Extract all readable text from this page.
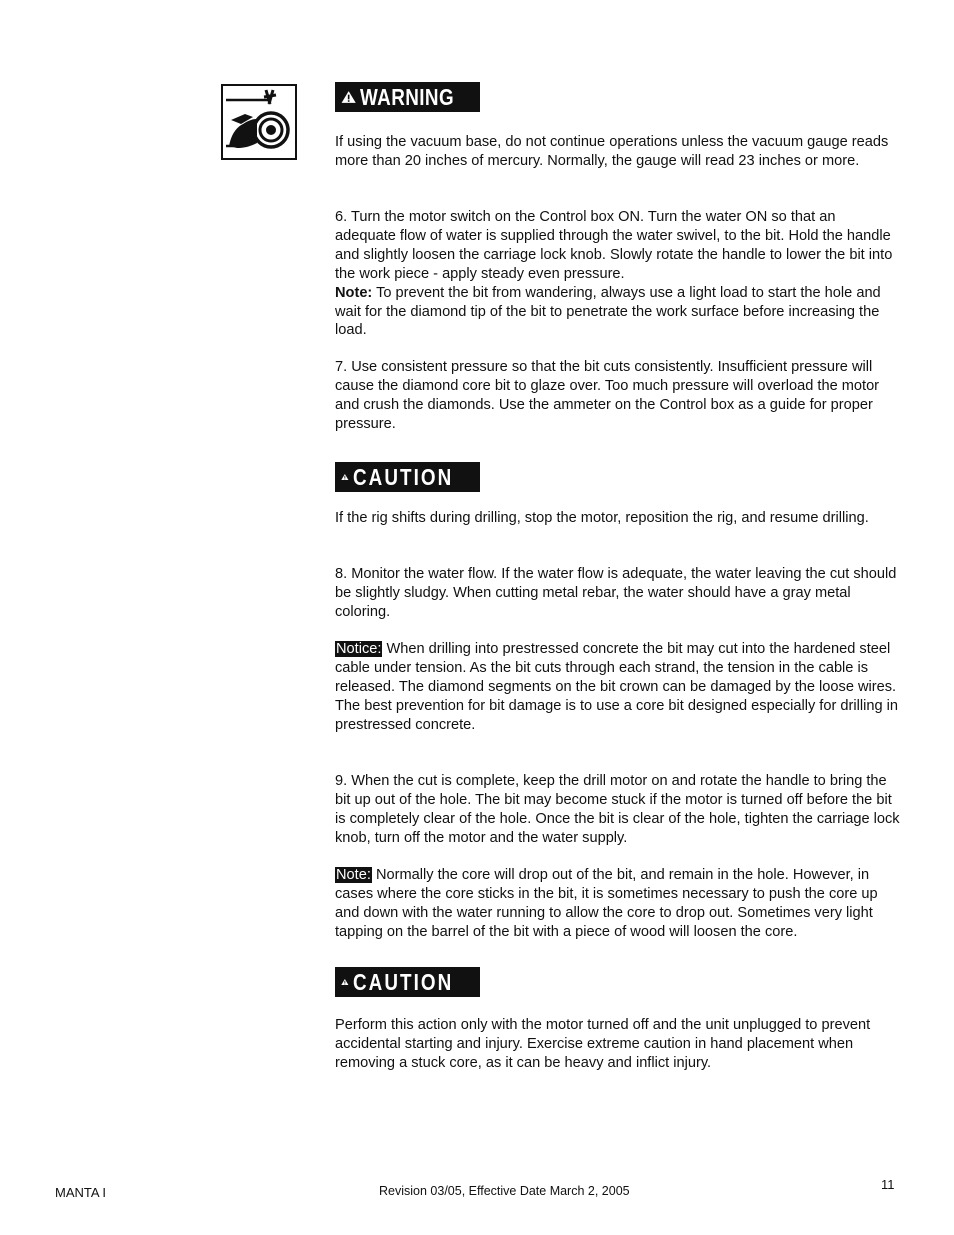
WARNING

If using the vacuum base, do not continue operations unless the vacuum gauge reads more than 20 inches of mercury. Normally, the gauge will read 23 inches or more.

6. Turn the motor switch on the Control box ON. Turn the water ON so that an adequate flow of water is supplied through the water swivel, to the bit. Hold the handle and slightly loosen the carriage lock knob. Slowly rotate the handle to lower the bit into the work piece - apply steady even pressure.
Note: To prevent the bit from wandering, always use a light load to start the hole and wait for the diamond tip of the bit to penetrate the work surface before increasing the load.

7. Use consistent pressure so that the bit cuts consistently. Insufficient pressure will cause the diamond core bit to glaze over. Too much pressure will overload the motor and crush the diamonds. Use the ammeter on the Control box as a guide for proper pressure.

CAUTION

If the rig shifts during drilling, stop the motor, reposition the rig, and resume drilling.

8. Monitor the water flow. If the water flow is adequate, the water leaving the cut should be slightly sludgy. When cutting metal rebar, the water should have a gray metal coloring.

Notice: When drilling into prestressed concrete the bit may cut into the hardened steel cable under tension. As the bit cuts through each strand, the tension in the cable is released. The diamond segments on the bit crown can be damaged by the loose wires. The best prevention for bit damage is to use a core bit designed especially for drilling in prestressed concrete.

9. When the cut is complete, keep the drill motor on and rotate the handle to bring the bit up out of the hole. The bit may become stuck if the motor is turned off before the bit is completely clear of the hole. Once the bit is clear of the hole, tighten the carriage lock knob, turn off the motor and the water supply.

Note: Normally the core will drop out of the bit, and remain in the hole. However, in cases where the core sticks in the bit, it is sometimes necessary to push the core up and down with the water running to allow the core to drop out. Sometimes very light tapping on the barrel of the bit with a piece of wood will loosen the core.

CAUTION

Perform this action only with the motor turned off and the unit unplugged to prevent accidental starting and injury. Exercise extreme caution in hand placement when removing a stuck core, as it can be heavy and inflict injury.

MANTA I	Revision 03/05, Effective Date March 2, 2005	11
